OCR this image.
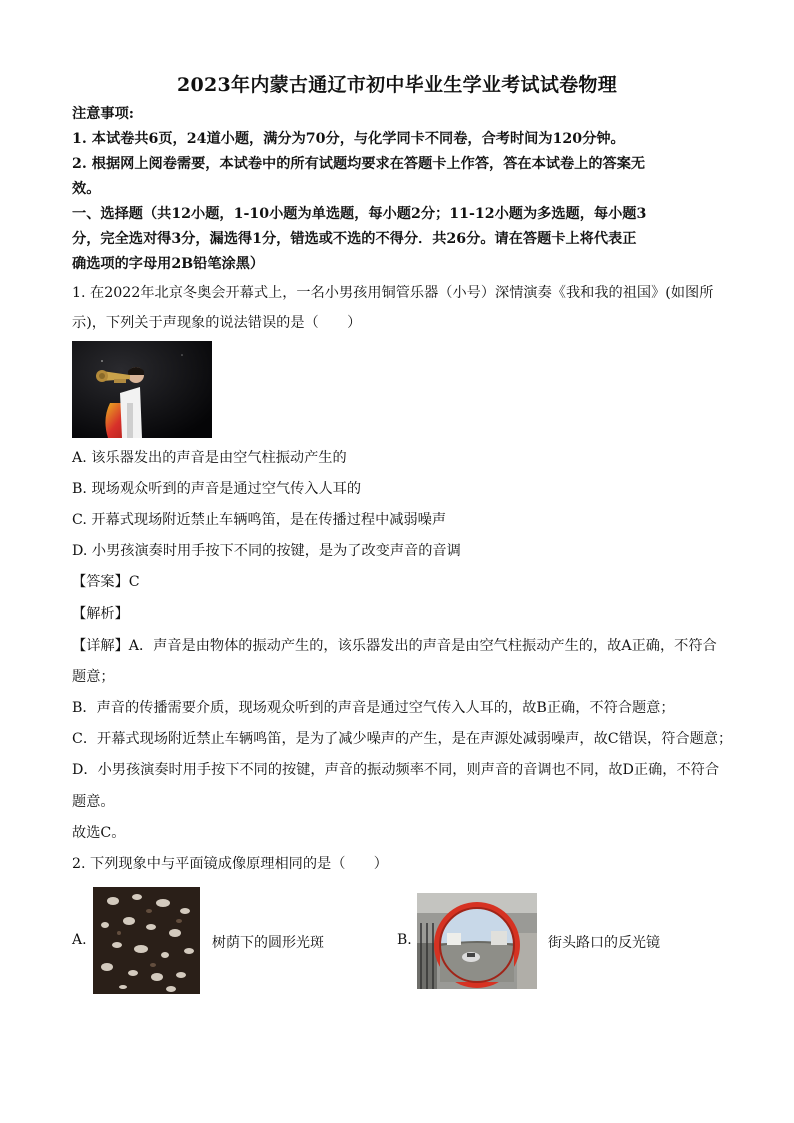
2023年内蒙古通辽市初中毕业生学业考试试卷物理
注意事项:
1. 本试卷共6页，24道小题，满分为70分，与化学同卡不同卷，合考时间为120分钟。
2. 根据网上阅卷需要，本试卷中的所有试题均要求在答题卡上作答，答在本试卷上的答案无
效。
一、选择题（共12小题，1-10小题为单选题，每小题2分；11-12小题为多选题，每小题3
分，完全选对得3分，漏选得1分，错选或不选的不得分．共26分。请在答题卡上将代表正
确选项的字母用2B铅笔涂黑）
1. 在2022年北京冬奥会开幕式上，一名小男孩用铜管乐器（小号）深情演奏《我和我的祖国》(如图所
示)，下列关于声现象的说法错误的是（　　）
A. 该乐器发出的声音是由空气柱振动产生的
B. 现场观众听到的声音是通过空气传入人耳的
C. 开幕式现场附近禁止车辆鸣笛，是在传播过程中减弱噪声
D. 小男孩演奏时用手按下不同的按键，是为了改变声音的音调
【答案】C
【解析】
【详解】A．声音是由物体的振动产生的，该乐器发出的声音是由空气柱振动产生的，故A正确，不符合
题意；
B．声音的传播需要介质，现场观众听到的声音是通过空气传入人耳的，故B正确，不符合题意；
C．开幕式现场附近禁止车辆鸣笛，是为了减少噪声的产生，是在声源处减弱噪声，故C错误，符合题意；
D．小男孩演奏时用手按下不同的按键，声音的振动频率不同，则声音的音调也不同，故D正确，不符合
题意。
故选C。
2. 下列现象中与平面镜成像原理相同的是（　　）
A.	树荫下的圆形光斑	B.	街头路口的反光镜
